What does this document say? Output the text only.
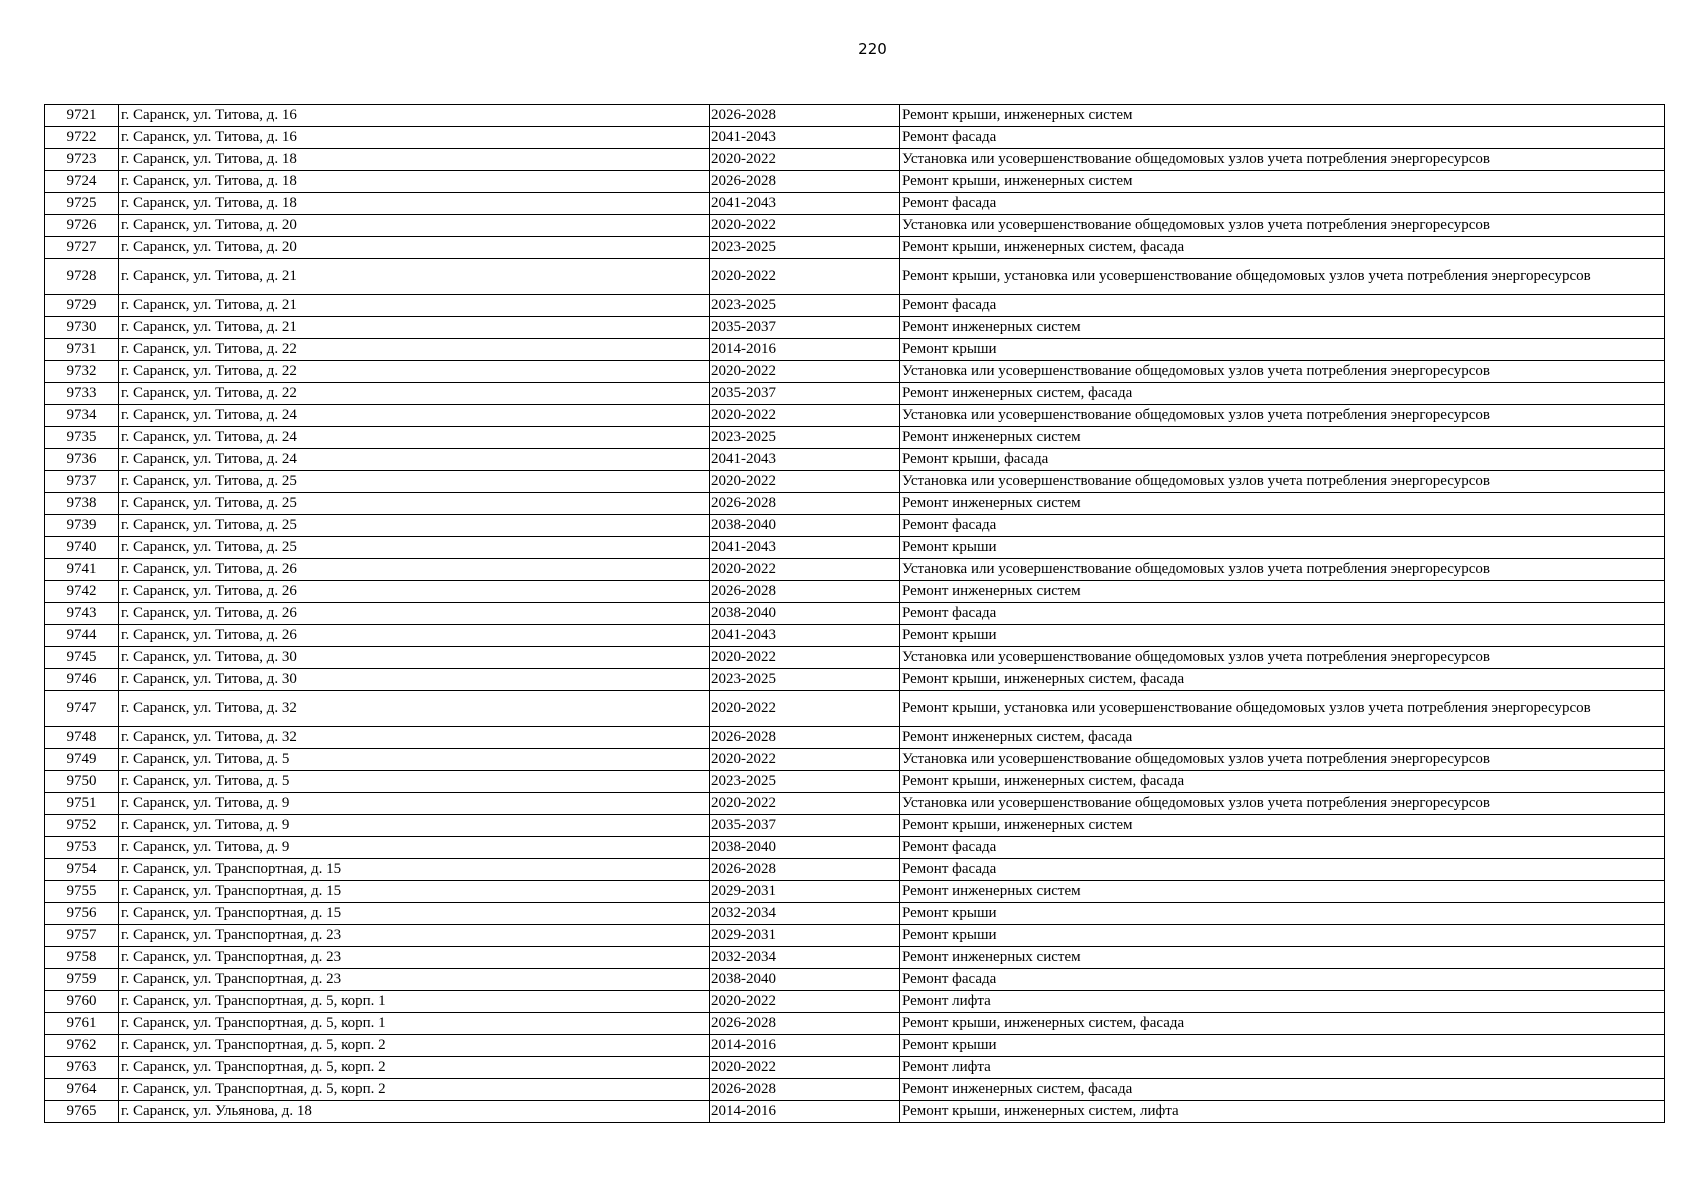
220
9721	г. Саранск, ул. Титова, д. 16	2026-2028	Ремонт крыши, инженерных систем
9722	г. Саранск, ул. Титова, д. 16	2041-2043	Ремонт фасада
9723	г. Саранск, ул. Титова, д. 18	2020-2022	Установка или усовершенствование общедомовых узлов учета потребления энергоресурсов
9724	г. Саранск, ул. Титова, д. 18	2026-2028	Ремонт крыши, инженерных систем
9725	г. Саранск, ул. Титова, д. 18	2041-2043	Ремонт фасада
9726	г. Саранск, ул. Титова, д. 20	2020-2022	Установка или усовершенствование общедомовых узлов учета потребления энергоресурсов
9727	г. Саранск, ул. Титова, д. 20	2023-2025	Ремонт крыши, инженерных систем, фасада
9728	г. Саранск, ул. Титова, д. 21	2020-2022	Ремонт крыши, установка или усовершенствование общедомовых узлов учета потребления энергоресурсов
9729	г. Саранск, ул. Титова, д. 21	2023-2025	Ремонт фасада
9730	г. Саранск, ул. Титова, д. 21	2035-2037	Ремонт инженерных систем
9731	г. Саранск, ул. Титова, д. 22	2014-2016	Ремонт крыши
9732	г. Саранск, ул. Титова, д. 22	2020-2022	Установка или усовершенствование общедомовых узлов учета потребления энергоресурсов
9733	г. Саранск, ул. Титова, д. 22	2035-2037	Ремонт инженерных систем, фасада
9734	г. Саранск, ул. Титова, д. 24	2020-2022	Установка или усовершенствование общедомовых узлов учета потребления энергоресурсов
9735	г. Саранск, ул. Титова, д. 24	2023-2025	Ремонт инженерных систем
9736	г. Саранск, ул. Титова, д. 24	2041-2043	Ремонт крыши, фасада
9737	г. Саранск, ул. Титова, д. 25	2020-2022	Установка или усовершенствование общедомовых узлов учета потребления энергоресурсов
9738	г. Саранск, ул. Титова, д. 25	2026-2028	Ремонт инженерных систем
9739	г. Саранск, ул. Титова, д. 25	2038-2040	Ремонт фасада
9740	г. Саранск, ул. Титова, д. 25	2041-2043	Ремонт крыши
9741	г. Саранск, ул. Титова, д. 26	2020-2022	Установка или усовершенствование общедомовых узлов учета потребления энергоресурсов
9742	г. Саранск, ул. Титова, д. 26	2026-2028	Ремонт инженерных систем
9743	г. Саранск, ул. Титова, д. 26	2038-2040	Ремонт фасада
9744	г. Саранск, ул. Титова, д. 26	2041-2043	Ремонт крыши
9745	г. Саранск, ул. Титова, д. 30	2020-2022	Установка или усовершенствование общедомовых узлов учета потребления энергоресурсов
9746	г. Саранск, ул. Титова, д. 30	2023-2025	Ремонт крыши, инженерных систем, фасада
9747	г. Саранск, ул. Титова, д. 32	2020-2022	Ремонт крыши, установка или усовершенствование общедомовых узлов учета потребления энергоресурсов
9748	г. Саранск, ул. Титова, д. 32	2026-2028	Ремонт инженерных систем, фасада
9749	г. Саранск, ул. Титова, д. 5	2020-2022	Установка или усовершенствование общедомовых узлов учета потребления энергоресурсов
9750	г. Саранск, ул. Титова, д. 5	2023-2025	Ремонт крыши, инженерных систем, фасада
9751	г. Саранск, ул. Титова, д. 9	2020-2022	Установка или усовершенствование общедомовых узлов учета потребления энергоресурсов
9752	г. Саранск, ул. Титова, д. 9	2035-2037	Ремонт крыши, инженерных систем
9753	г. Саранск, ул. Титова, д. 9	2038-2040	Ремонт фасада
9754	г. Саранск, ул. Транспортная, д. 15	2026-2028	Ремонт фасада
9755	г. Саранск, ул. Транспортная, д. 15	2029-2031	Ремонт инженерных систем
9756	г. Саранск, ул. Транспортная, д. 15	2032-2034	Ремонт крыши
9757	г. Саранск, ул. Транспортная, д. 23	2029-2031	Ремонт крыши
9758	г. Саранск, ул. Транспортная, д. 23	2032-2034	Ремонт инженерных систем
9759	г. Саранск, ул. Транспортная, д. 23	2038-2040	Ремонт фасада
9760	г. Саранск, ул. Транспортная, д. 5, корп. 1	2020-2022	Ремонт лифта
9761	г. Саранск, ул. Транспортная, д. 5, корп. 1	2026-2028	Ремонт крыши, инженерных систем, фасада
9762	г. Саранск, ул. Транспортная, д. 5, корп. 2	2014-2016	Ремонт крыши
9763	г. Саранск, ул. Транспортная, д. 5, корп. 2	2020-2022	Ремонт лифта
9764	г. Саранск, ул. Транспортная, д. 5, корп. 2	2026-2028	Ремонт инженерных систем, фасада
9765	г. Саранск, ул. Ульянова, д. 18	2014-2016	Ремонт крыши, инженерных систем, лифта
